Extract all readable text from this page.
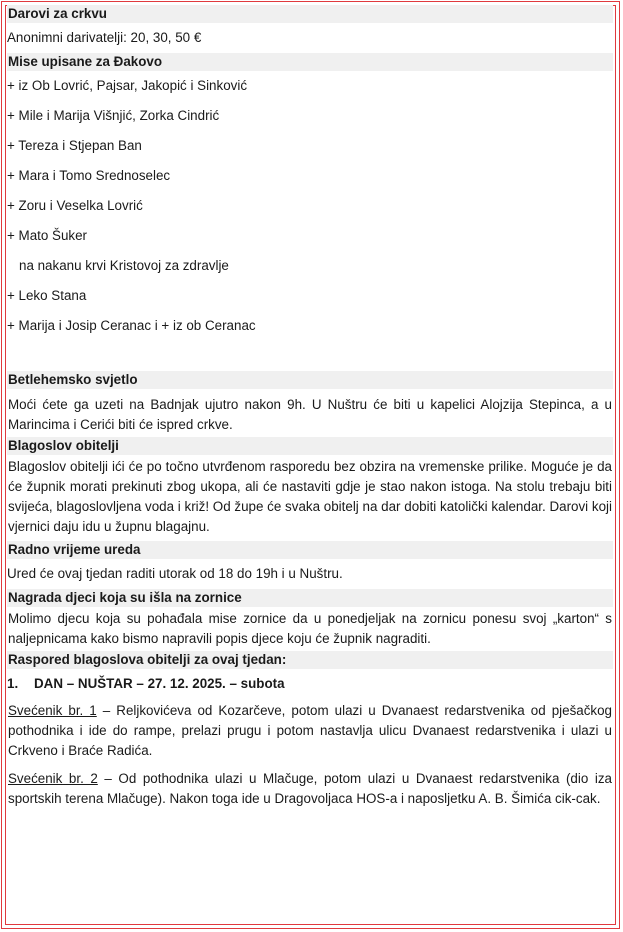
Darovi za crkvu
Anonimni darivatelji: 20, 30, 50 €
Mise upisane za Đakovo
+ iz Ob Lovrić, Pajsar, Jakopić i Sinković
+ Mile i Marija Višnjić, Zorka Cindrić
+ Tereza i Stjepan Ban
+ Mara i Tomo Srednoselec
+ Zoru i Veselka Lovrić
+ Mato Šuker
na nakanu krvi Kristovoj za zdravlje
+ Leko Stana
+ Marija i Josip Ceranac i + iz ob Ceranac
Betlehemsko svjetlo

Moći ćete ga uzeti na Badnjak ujutro nakon 9h. U Nuštru će biti u kapelici Alojzija Stepinca, a u Marincima i Cerići biti će ispred crkve.

Blagoslov obitelji

Blagoslov obitelji ići će po točno utvrđenom rasporedu bez obzira na vremenske prilike. Moguće je da će župnik morati prekinuti zbog ukopa, ali će nastaviti gdje je stao nakon istoga. Na stolu trebaju biti svijeća, blagoslovljena voda i križ! Od župe će svaka obitelj na dar dobiti katolički kalendar. Darovi koji vjernici daju idu u župnu blagajnu.

Radno vrijeme ureda
Ured će ovaj tjedan raditi utorak od 18 do 19h i u Nuštru.
Nagrada djeci koja su išla na zornice

Molimo djecu koja su pohađala mise zornice da u ponedjeljak na zornicu ponesu svoj „karton“ s naljepnicama kako bismo napravili popis djece koju će župnik nagraditi.

Raspored blagoslova obitelji za ovaj tjedan:
1. DAN – NUŠTAR – 27. 12. 2025. – subota

Svećenik br. 1 – Reljkovićeva od Kozarčeve, potom ulazi u Dvanaest redarstvenika od pješačkog pothodnika i ide do rampe, prelazi prugu i potom nastavlja ulicu Dvanaest redarstvenika i ulazi u Crkveno i Braće Radića.

Svećenik br. 2 – Od pothodnika ulazi u Mlačuge, potom ulazi u Dvanaest redarstvenika (dio iza sportskih terena Mlačuge). Nakon toga ide u Dragovoljaca HOS-a i naposljetku A. B. Šimića cik-cak.
